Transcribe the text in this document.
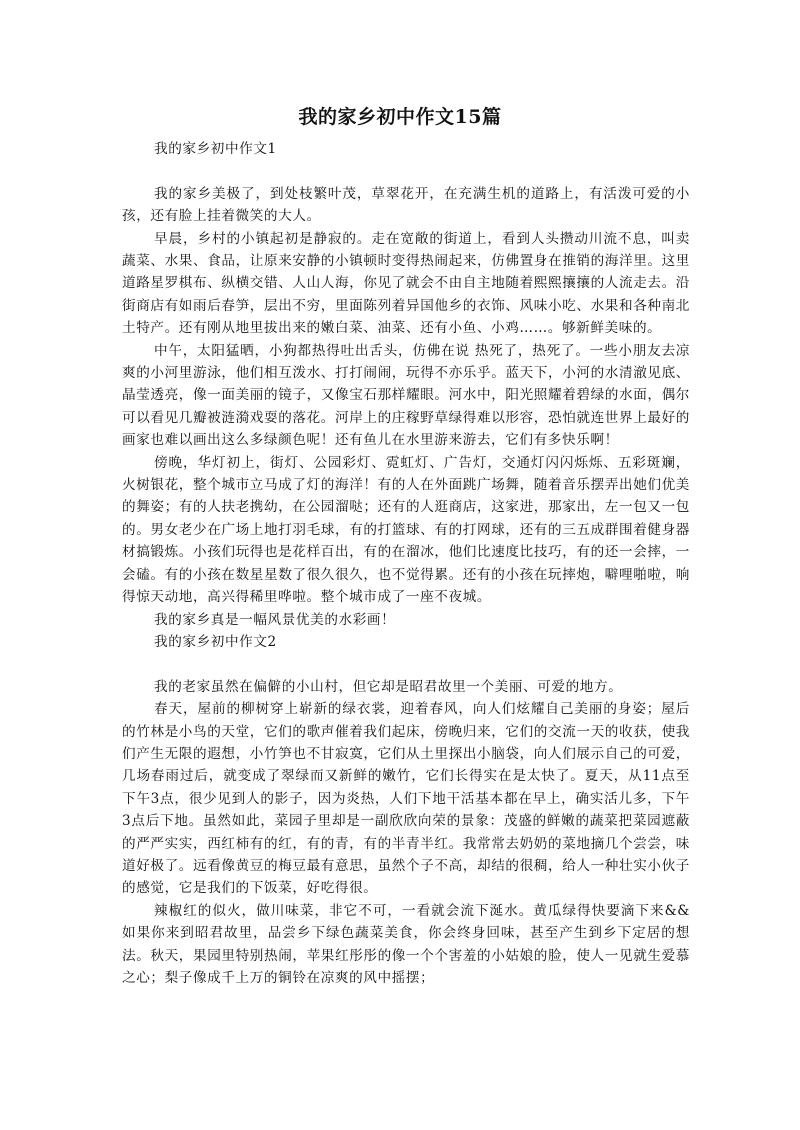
我的家乡初中作文15篇

我的家乡初中作文1

我的家乡美极了，到处枝繁叶茂，草翠花开，在充满生机的道路上，有活泼可爱的小孩，还有脸上挂着微笑的大人。

早晨，乡村的小镇起初是静寂的。走在宽敞的街道上，看到人头攒动川流不息，叫卖蔬菜、水果、食品，让原来安静的小镇顿时变得热闹起来，仿佛置身在推销的海洋里。这里道路星罗棋布、纵横交错、人山人海，你见了就会不由自主地随着熙熙攘攘的人流走去。沿街商店有如雨后春笋，层出不穷，里面陈列着异国他乡的衣饰、风味小吃、水果和各种南北土特产。还有刚从地里拔出来的嫩白菜、油菜、还有小鱼、小鸡……。够新鲜美味的。

中午，太阳猛晒，小狗都热得吐出舌头，仿佛在说 热死了，热死了。一些小朋友去凉爽的小河里游泳，他们相互泼水、打打闹闹，玩得不亦乐乎。蓝天下，小河的水清澈见底、晶莹透亮，像一面美丽的镜子，又像宝石那样耀眼。河水中，阳光照耀着碧绿的水面，偶尔可以看见几瓣被涟漪戏耍的落花。河岸上的庄稼野草绿得难以形容，恐怕就连世界上最好的画家也难以画出这么多绿颜色呢！还有鱼儿在水里游来游去，它们有多快乐啊！

傍晚，华灯初上，街灯、公园彩灯、霓虹灯、广告灯，交通灯闪闪烁烁、五彩斑斓，火树银花，整个城市立马成了灯的海洋！有的人在外面跳广场舞，随着音乐摆弄出她们优美的舞姿；有的人扶老携幼，在公园溜哒；还有的人逛商店，这家进，那家出，左一包又一包的。男女老少在广场上地打羽毛球，有的打篮球、有的打网球，还有的三五成群围着健身器材搞锻炼。小孩们玩得也是花样百出，有的在溜冰，他们比速度比技巧，有的还一会摔，一会磕。有的小孩在数星星数了很久很久，也不觉得累。还有的小孩在玩摔炮，噼哩啪啦，响得惊天动地，高兴得稀里哗啦。整个城市成了一座不夜城。

我的家乡真是一幅风景优美的水彩画！

我的家乡初中作文2

我的老家虽然在偏僻的小山村，但它却是昭君故里一个美丽、可爱的地方。

春天，屋前的柳树穿上崭新的绿衣裳，迎着春风，向人们炫耀自己美丽的身姿；屋后的竹林是小鸟的天堂，它们的歌声催着我们起床，傍晚归来，它们的交流一天的收获，使我们产生无限的遐想，小竹笋也不甘寂寞，它们从土里探出小脑袋，向人们展示自己的可爱，几场春雨过后，就变成了翠绿而又新鲜的嫩竹，它们长得实在是太快了。夏天，从11点至下午3点，很少见到人的影子，因为炎热，人们下地干活基本都在早上，确实活儿多，下午3点后下地。虽然如此，菜园子里却是一副欣欣向荣的景象：茂盛的鲜嫩的蔬菜把菜园遮蔽的严严实实，西红柿有的红，有的青，有的半青半红。我常常去奶奶的菜地摘几个尝尝，味道好极了。远看像黄豆的梅豆最有意思，虽然个子不高，却结的很稠，给人一种壮实小伙子的感觉，它是我们的下饭菜，好吃得很。

辣椒红的似火，做川味菜，非它不可，一看就会流下涎水。黄瓜绿得快要滴下来&&如果你来到昭君故里，品尝乡下绿色蔬菜美食，你会终身回味，甚至产生到乡下定居的想法。秋天，果园里特别热闹，苹果红彤彤的像一个个害羞的小姑娘的脸，使人一见就生爱慕之心；梨子像成千上万的铜铃在凉爽的风中摇摆；
